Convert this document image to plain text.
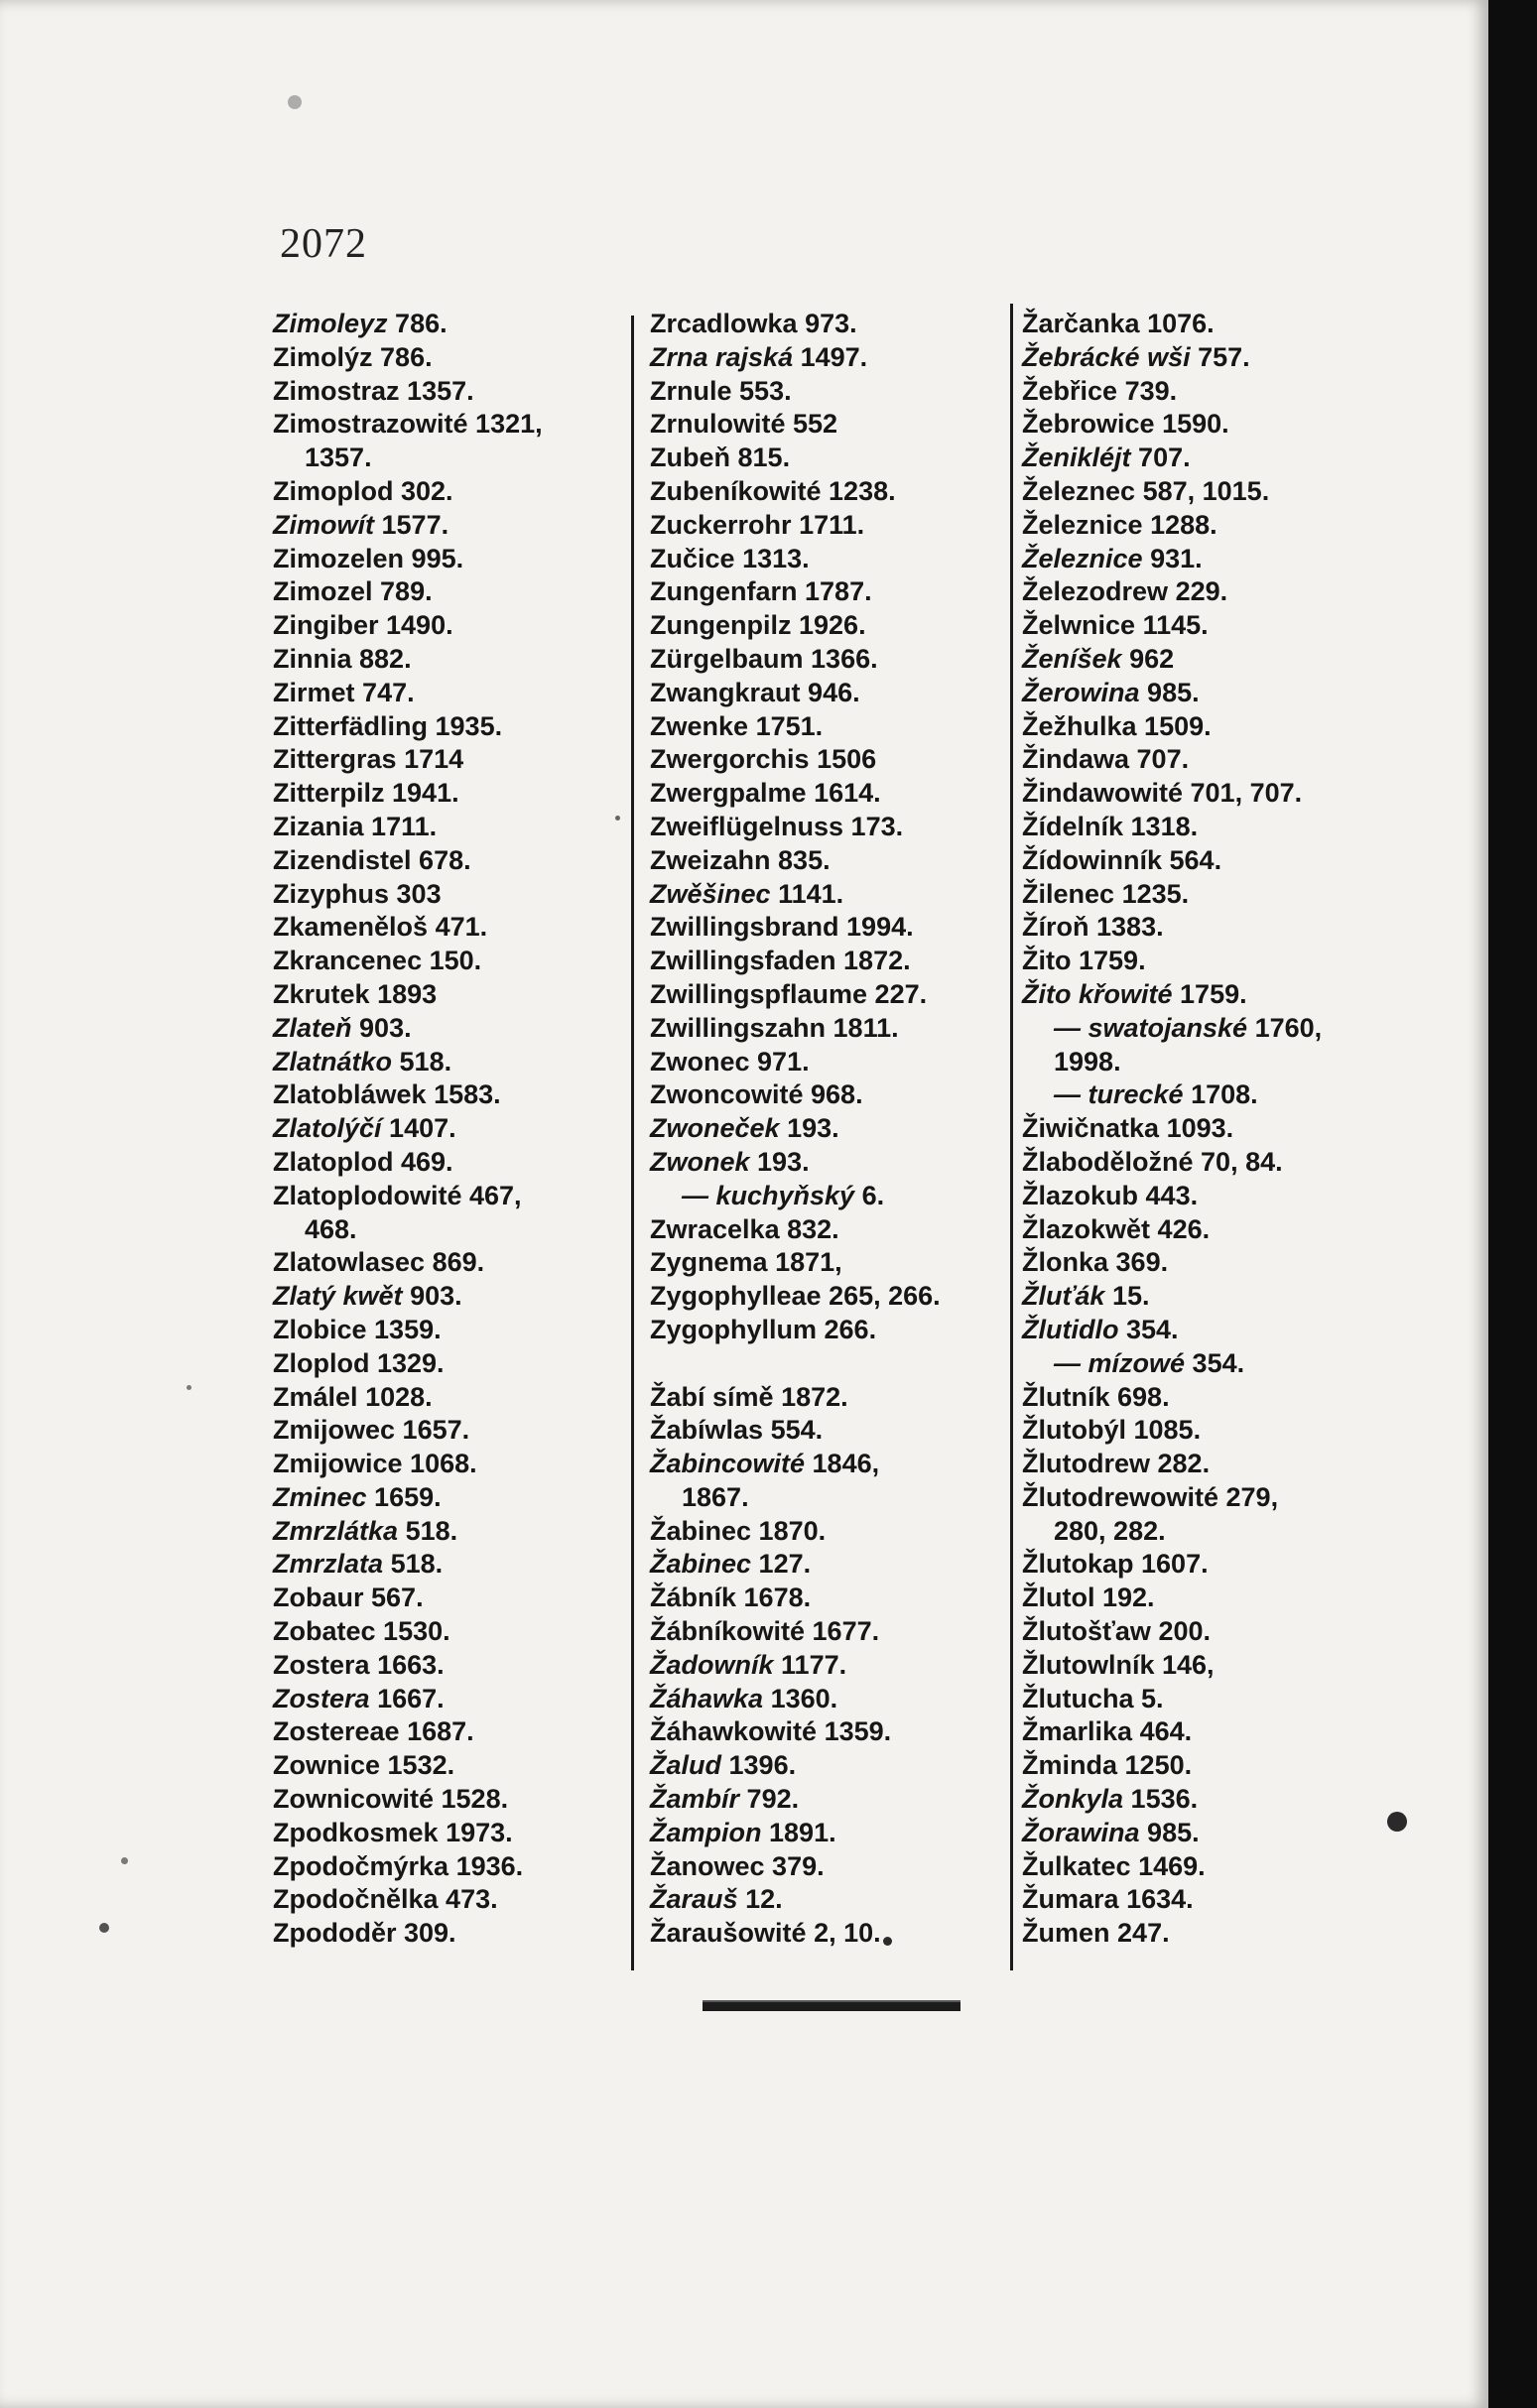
2072
Zimoleyz 786.
Zimolýz 786.
Zimostraz 1357.
Zimostrazowité 1321,
1357.
Zimoplod 302.
Zimowít 1577.
Zimozelen 995.
Zimozel 789.
Zingiber 1490.
Zinnia 882.
Zirmet 747.
Zitterfädling 1935.
Zittergras 1714
Zitterpilz 1941.
Zizania 1711.
Zizendistel 678.
Zizyphus 303
Zkameněloš 471.
Zkrancenec 150.
Zkrutek 1893
Zlateň 903.
Zlatnátko 518.
Zlatobláwek 1583.
Zlatolýčí 1407.
Zlatoplod 469.
Zlatoplodowité 467,
468.
Zlatowlasec 869.
Zlatý kwět 903.
Zlobice 1359.
Zloplod 1329.
Zmálel 1028.
Zmijowec 1657.
Zmijowice 1068.
Zminec 1659.
Zmrzlátka 518.
Zmrzlata 518.
Zobaur 567.
Zobatec 1530.
Zostera 1663.
Zostera 1667.
Zostereae 1687.
Zownice 1532.
Zownicowité 1528.
Zpodkosmek 1973.
Zpodočmýrka 1936.
Zpodočnělka 473.
Zpododěr 309.
Zrcadlowka 973.
Zrna rajská 1497.
Zrnule 553.
Zrnulowité 552
Zubeň 815.
Zubeníkowité 1238.
Zuckerrohr 1711.
Zučice 1313.
Zungenfarn 1787.
Zungenpilz 1926.
Zürgelbaum 1366.
Zwangkraut 946.
Zwenke 1751.
Zwergorchis 1506
Zwergpalme 1614.
Zweiflügelnuss 173.
Zweizahn 835.
Zwěšinec 1141.
Zwillingsbrand 1994.
Zwillingsfaden 1872.
Zwillingspflaume 227.
Zwillingszahn 1811.
Zwonec 971.
Zwoncowité 968.
Zwoneček 193.
Zwonek 193.
— kuchyňský 6.
Zwracelka 832.
Zygnema 1871,
Zygophylleae 265, 266.
Zygophyllum 266.
Žabí símě 1872.
Žabíwlas 554.
Žabincowité 1846,
1867.
Žabinec 1870.
Žabinec 127.
Žábník 1678.
Žábníkowité 1677.
Žadowník 1177.
Žáhawka 1360.
Žáhawkowité 1359.
Žalud 1396.
Žambír 792.
Žampion 1891.
Žanowec 379.
Žarauš 12.
Žaraušowité 2, 10.
Žarčanka 1076.
Žebrácké wši 757.
Žebřice 739.
Žebrowice 1590.
Ženikléjt 707.
Železnec 587, 1015.
Železnice 1288.
Železnice 931.
Železodrew 229.
Želwnice 1145.
Ženíšek 962
Žerowina 985.
Žežhulka 1509.
Žindawa 707.
Žindawowité 701, 707.
Žídelník 1318.
Žídowinník 564.
Žilenec 1235.
Žíroň 1383.
Žito 1759.
Žito křowité 1759.
— swatojanské 1760,
1998.
— turecké 1708.
Žiwičnatka 1093.
Žlaboděložné 70, 84.
Žlazokub 443.
Žlazokwět 426.
Žlonka 369.
Žluťák 15.
Žlutidlo 354.
— mízowé 354.
Žlutník 698.
Žlutobýl 1085.
Žlutodrew 282.
Žlutodrewowité 279,
280, 282.
Žlutokap 1607.
Žlutol 192.
Žlutošťaw 200.
Žlutowlník 146,
Žlutucha 5.
Žmarlika 464.
Žminda 1250.
Žonkyla 1536.
Žorawina 985.
Žulkatec 1469.
Žumara 1634.
Žumen 247.
